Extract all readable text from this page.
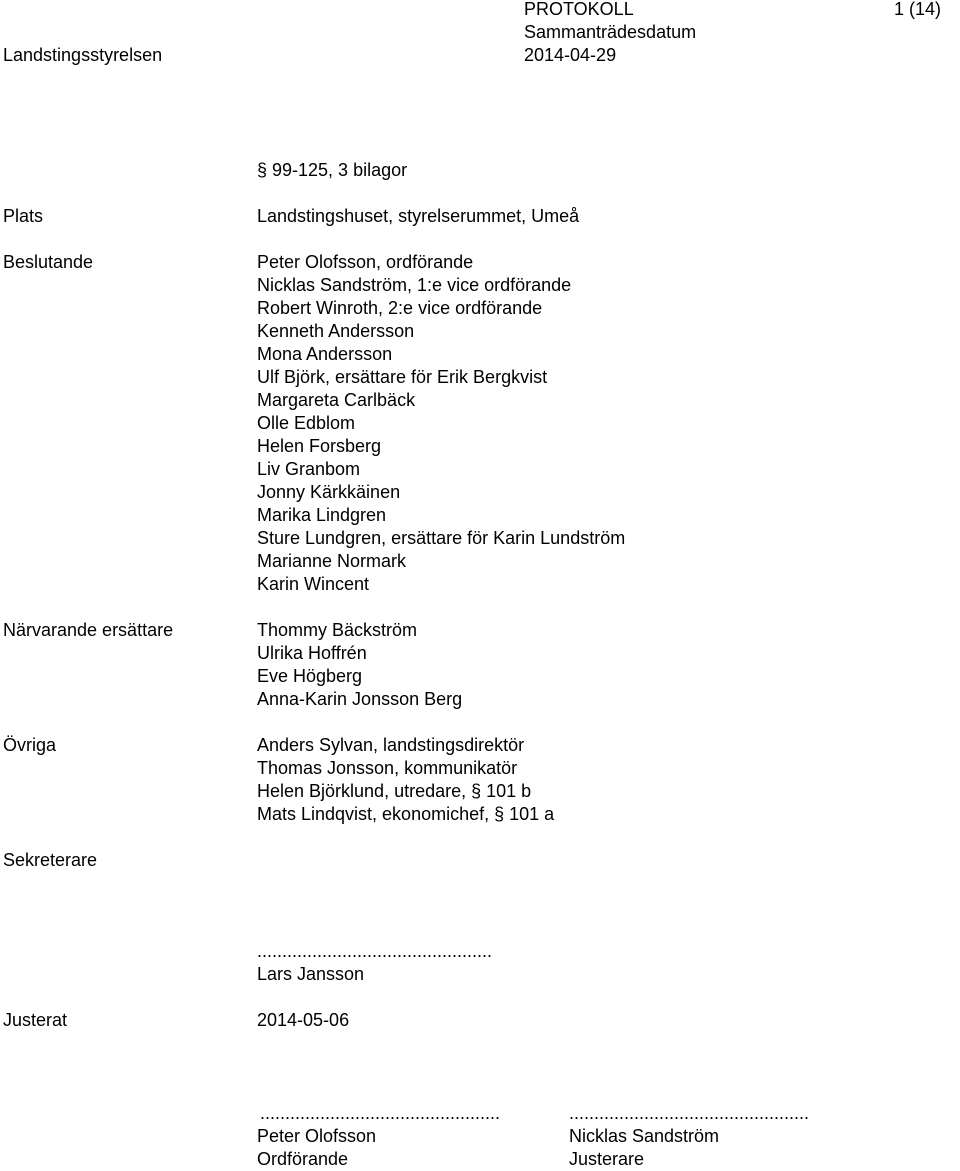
Landstingsstyrelsen
PROTOKOLL
Sammanträdesdatum
2014-04-29
1 (14)
§ 99-125, 3 bilagor
Plats	Landstingshuset, styrelserummet, Umeå
Beslutande	Peter Olofsson, ordförande
Nicklas Sandström, 1:e vice ordförande
Robert Winroth, 2:e vice ordförande
Kenneth Andersson
Mona Andersson
Ulf Björk, ersättare för Erik Bergkvist
Margareta Carlbäck
Olle Edblom
Helen Forsberg
Liv Granbom
Jonny Kärkkäinen
Marika Lindgren
Sture Lundgren, ersättare för Karin Lundström
Marianne Normark
Karin Wincent
Närvarande ersättare	Thommy Bäckström
Ulrika Hoffrén
Eve Högberg
Anna-Karin Jonsson Berg
Övriga	Anders Sylvan, landstingsdirektör
Thomas Jonsson, kommunikatör
Helen Björklund, utredare, § 101 b
Mats Lindqvist, ekonomichef, § 101 a
Sekreterare
...............................................
Lars Jansson
Justerat	2014-05-06
................................................
Peter Olofsson
Ordförande
................................................
Nicklas Sandström
Justerare
